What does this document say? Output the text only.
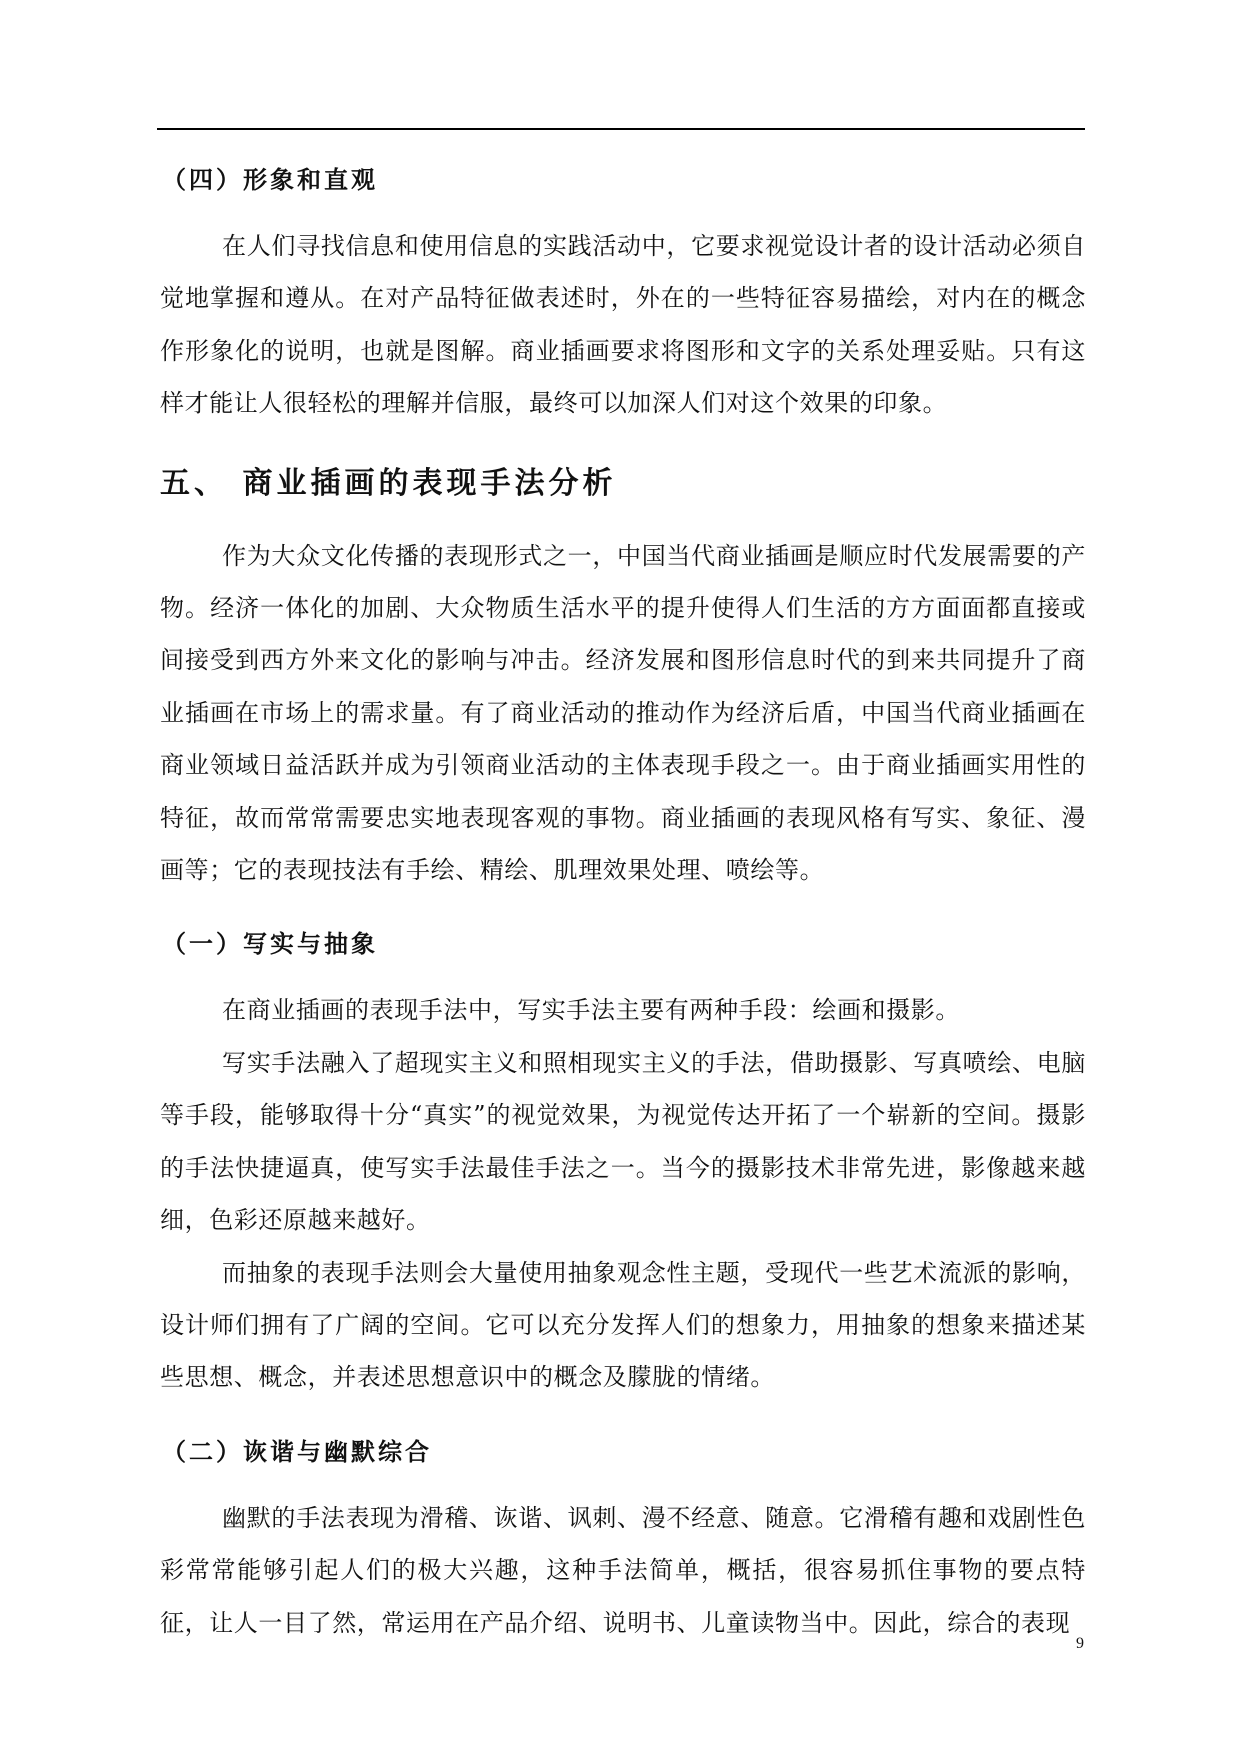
（四）形象和直观

在人们寻找信息和使用信息的实践活动中，它要求视觉设计者的设计活动必须自觉地掌握和遵从。在对产品特征做表述时，外在的一些特征容易描绘，对内在的概念作形象化的说明，也就是图解。商业插画要求将图形和文字的关系处理妥贴。只有这样才能让人很轻松的理解并信服，最终可以加深人们对这个效果的印象。

五、 商业插画的表现手法分析

作为大众文化传播的表现形式之一，中国当代商业插画是顺应时代发展需要的产物。经济一体化的加剧、大众物质生活水平的提升使得人们生活的方方面面都直接或间接受到西方外来文化的影响与冲击。经济发展和图形信息时代的到来共同提升了商业插画在市场上的需求量。有了商业活动的推动作为经济后盾，中国当代商业插画在商业领域日益活跃并成为引领商业活动的主体表现手段之一。由于商业插画实用性的特征，故而常常需要忠实地表现客观的事物。商业插画的表现风格有写实、象征、漫画等；它的表现技法有手绘、精绘、肌理效果处理、喷绘等。

（一）写实与抽象

在商业插画的表现手法中，写实手法主要有两种手段：绘画和摄影。

写实手法融入了超现实主义和照相现实主义的手法，借助摄影、写真喷绘、电脑等手段，能够取得十分“真实”的视觉效果，为视觉传达开拓了一个崭新的空间。摄影的手法快捷逼真，使写实手法最佳手法之一。当今的摄影技术非常先进，影像越来越细，色彩还原越来越好。

而抽象的表现手法则会大量使用抽象观念性主题，受现代一些艺术流派的影响，设计师们拥有了广阔的空间。它可以充分发挥人们的想象力，用抽象的想象来描述某些思想、概念，并表述思想意识中的概念及朦胧的情绪。

（二）诙谐与幽默综合

幽默的手法表现为滑稽、诙谐、讽刺、漫不经意、随意。它滑稽有趣和戏剧性色彩常常能够引起人们的极大兴趣，这种手法简单，概括，很容易抓住事物的要点特征，让人一目了然，常运用在产品介绍、说明书、儿童读物当中。因此，综合的表现

9
